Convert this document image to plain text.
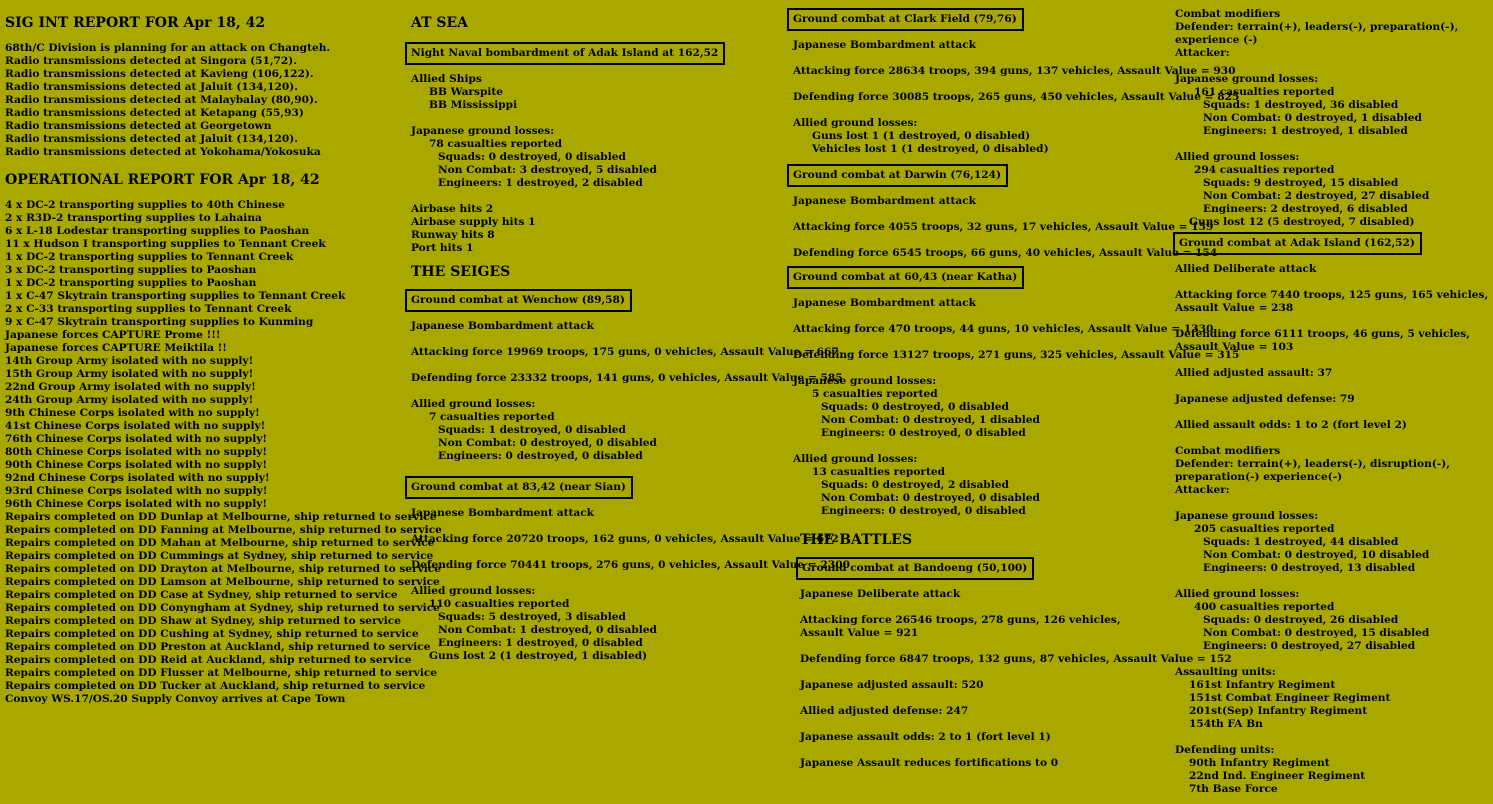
SIG INT REPORT FOR Apr 18, 42
68th/C Division is planning for an attack on Changteh.
Radio transmissions detected at Singora (51,72).
Radio transmissions detected at Kavieng (106,122).
Radio transmissions detected at Jaluit (134,120).
Radio transmissions detected at Malaybalay (80,90).
Radio transmissions detected at Ketapang (55,93)
Radio transmissions detected at Georgetown
Radio transmissions detected at Jaluit (134,120).
Radio transmissions detected at Yokohama/Yokosuka
OPERATIONAL REPORT FOR Apr 18, 42
4 x DC-2 transporting supplies to 40th Chinese
2 x R3D-2 transporting supplies to Lahaina
6 x L-18 Lodestar transporting supplies to Paoshan
11 x Hudson I transporting supplies to Tennant Creek
1 x DC-2 transporting supplies to Tennant Creek
3 x DC-2 transporting supplies to Paoshan
1 x DC-2 transporting supplies to Paoshan
1 x C-47 Skytrain transporting supplies to Tennant Creek
2 x C-33 transporting supplies to Tennant Creek
9 x C-47 Skytrain transporting supplies to Kunming
Japanese forces CAPTURE Prome !!!
Japanese forces CAPTURE Meiktila !!
14th Group Army isolated with no supply!
15th Group Army isolated with no supply!
22nd Group Army isolated with no supply!
24th Group Army isolated with no supply!
9th Chinese Corps isolated with no supply!
41st Chinese Corps isolated with no supply!
76th Chinese Corps isolated with no supply!
80th Chinese Corps isolated with no supply!
90th Chinese Corps isolated with no supply!
92nd Chinese Corps isolated with no supply!
93rd Chinese Corps isolated with no supply!
96th Chinese Corps isolated with no supply!
Repairs completed on DD Dunlap at Melbourne, ship returned to service
Repairs completed on DD Fanning at Melbourne, ship returned to service
Repairs completed on DD Mahan at Melbourne, ship returned to service
Repairs completed on DD Cummings at Sydney, ship returned to service
Repairs completed on DD Drayton at Melbourne, ship returned to service
Repairs completed on DD Lamson at Melbourne, ship returned to service
Repairs completed on DD Case at Sydney, ship returned to service
Repairs completed on DD Conyngham at Sydney, ship returned to service
Repairs completed on DD Shaw at Sydney, ship returned to service
Repairs completed on DD Cushing at Sydney, ship returned to service
Repairs completed on DD Preston at Auckland, ship returned to service
Repairs completed on DD Reid at Auckland, ship returned to service
Repairs completed on DD Flusser at Melbourne, ship returned to service
Repairs completed on DD Tucker at Auckland, ship returned to service
Convoy WS.17/OS.20 Supply Convoy arrives at Cape Town
AT SEA
Night Naval bombardment of Adak Island at 162,52
Allied Ships
BB Warspite
BB Mississippi
Japanese ground losses:
78 casualties reported
Squads: 0 destroyed, 0 disabled
Non Combat: 3 destroyed, 5 disabled
Engineers: 1 destroyed, 2 disabled
Airbase hits 2
Airbase supply hits 1
Runway hits 8
Port hits 1
THE SEIGES
Ground combat at Wenchow (89,58)
Japanese Bombardment attack
Attacking force 19969 troops, 175 guns, 0 vehicles, Assault Value = 667
Defending force 23332 troops, 141 guns, 0 vehicles, Assault Value = 585
Allied ground losses:
7 casualties reported
Squads: 1 destroyed, 0 disabled
Non Combat: 0 destroyed, 0 disabled
Engineers: 0 destroyed, 0 disabled
Ground combat at 83,42 (near Sian)
Japanese Bombardment attack
Attacking force 20720 troops, 162 guns, 0 vehicles, Assault Value = 672
Defending force 70441 troops, 276 guns, 0 vehicles, Assault Value = 2300
Allied ground losses:
110 casualties reported
Squads: 5 destroyed, 3 disabled
Non Combat: 1 destroyed, 0 disabled
Engineers: 1 destroyed, 0 disabled
Guns lost 2 (1 destroyed, 1 disabled)
Ground combat at Clark Field (79,76)
Japanese Bombardment attack
Attacking force 28634 troops, 394 guns, 137 vehicles, Assault Value = 930
Defending force 30085 troops, 265 guns, 450 vehicles, Assault Value = 825
Allied ground losses:
Guns lost 1 (1 destroyed, 0 disabled)
Vehicles lost 1 (1 destroyed, 0 disabled)
Ground combat at Darwin (76,124)
Japanese Bombardment attack
Attacking force 4055 troops, 32 guns, 17 vehicles, Assault Value = 159
Defending force 6545 troops, 66 guns, 40 vehicles, Assault Value = 154
Ground combat at 60,43 (near Katha)
Japanese Bombardment attack
Attacking force 470 troops, 44 guns, 10 vehicles, Assault Value = 1330
Defending force 13127 troops, 271 guns, 325 vehicles, Assault Value = 315
Japanese ground losses:
5 casualties reported
Squads: 0 destroyed, 0 disabled
Non Combat: 0 destroyed, 1 disabled
Engineers: 0 destroyed, 0 disabled
Allied ground losses:
13 casualties reported
Squads: 0 destroyed, 2 disabled
Non Combat: 0 destroyed, 0 disabled
Engineers: 0 destroyed, 0 disabled
THE BATTLES
Ground combat at Bandoeng (50,100)
Japanese Deliberate attack
Attacking force 26546 troops, 278 guns, 126 vehicles, Assault Value = 921
Defending force 6847 troops, 132 guns, 87 vehicles, Assault Value = 152
Japanese adjusted assault: 520
Allied adjusted defense: 247
Japanese assault odds: 2 to 1 (fort level 1)
Japanese Assault reduces fortifications to 0
Combat modifiers
Defender: terrain(+), leaders(-), preparation(-), experience (-)
Attacker:
Japanese ground losses:
161 casualties reported
Squads: 1 destroyed, 36 disabled
Non Combat: 0 destroyed, 1 disabled
Engineers: 1 destroyed, 1 disabled
Allied ground losses:
294 casualties reported
Squads: 9 destroyed, 15 disabled
Non Combat: 2 destroyed, 27 disabled
Engineers: 2 destroyed, 6 disabled
Guns lost 12 (5 destroyed, 7 disabled)
Ground combat at Adak Island (162,52)
Allied Deliberate attack
Attacking force 7440 troops, 125 guns, 165 vehicles, Assault Value = 238
Defending force 6111 troops, 46 guns, 5 vehicles, Assault Value = 103
Allied adjusted assault: 37
Japanese adjusted defense: 79
Allied assault odds: 1 to 2 (fort level 2)
Combat modifiers
Defender: terrain(+), leaders(-), disruption(-), preparation(-) experience(-)
Attacker:
Japanese ground losses:
205 casualties reported
Squads: 1 destroyed, 44 disabled
Non Combat: 0 destroyed, 10 disabled
Engineers: 0 destroyed, 13 disabled
Allied ground losses:
400 casualties reported
Squads: 0 destroyed, 26 disabled
Non Combat: 0 destroyed, 15 disabled
Engineers: 0 destroyed, 27 disabled
Assaulting units:
161st Infantry Regiment
151st Combat Engineer Regiment
201st(Sep) Infantry Regiment
154th FA Bn
Defending units:
90th Infantry Regiment
22nd Ind. Engineer Regiment
7th Base Force
